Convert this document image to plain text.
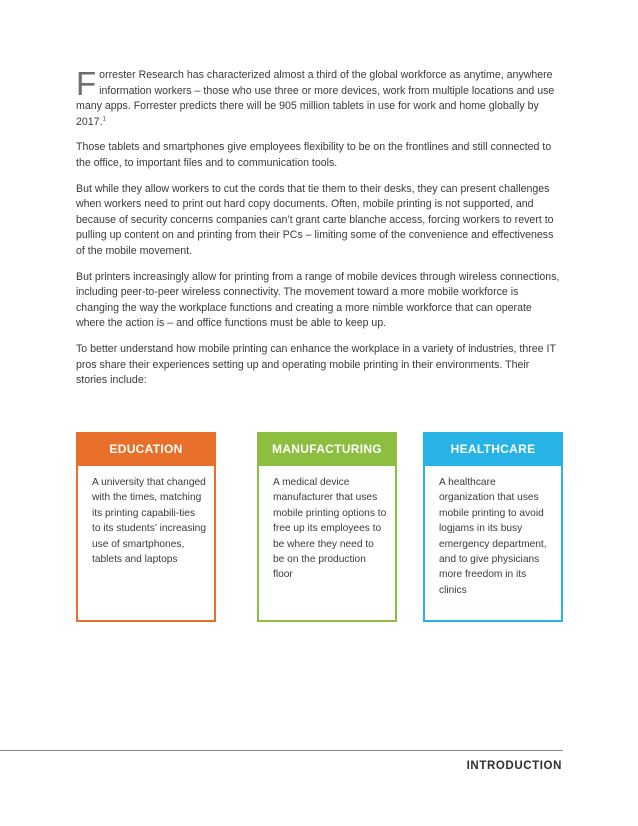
Forrester Research has characterized almost a third of the global workforce as anytime, anywhere information workers – those who use three or more devices, work from multiple locations and use many apps. Forrester predicts there will be 905 million tablets in use for work and home globally by 2017.$^1$

Those tablets and smartphones give employees flexibility to be on the frontlines and still connected to the office, to important files and to communication tools.

But while they allow workers to cut the cords that tie them to their desks, they can present challenges when workers need to print out hard copy documents. Often, mobile printing is not supported, and because of security concerns companies can’t grant carte blanche access, forcing workers to revert to pulling up content on and printing from their PCs – limiting some of the convenience and effectiveness of the mobile movement.

But printers increasingly allow for printing from a range of mobile devices through wireless connections, including peer-to-peer wireless connectivity. The movement toward a more mobile workforce is changing the way the workplace functions and creating a more nimble workforce that can operate where the action is – and office functions must be able to keep up.

To better understand how mobile printing can enhance the workplace in a variety of industries, three IT pros share their experiences setting up and operating mobile printing in their environments. Their stories include:

EDUCATION
A university that changed with the times, matching its printing capabili-ties to its students’ increasing use of smartphones, tablets and laptops
MANUFACTURING
A medical device manufacturer that uses mobile printing options to free up its employees to be where they need to be on the production floor
HEALTHCARE
A healthcare organization that uses mobile printing to avoid logjams in its busy emergency department, and to give physicians more freedom in its clinics
INTRODUCTION
